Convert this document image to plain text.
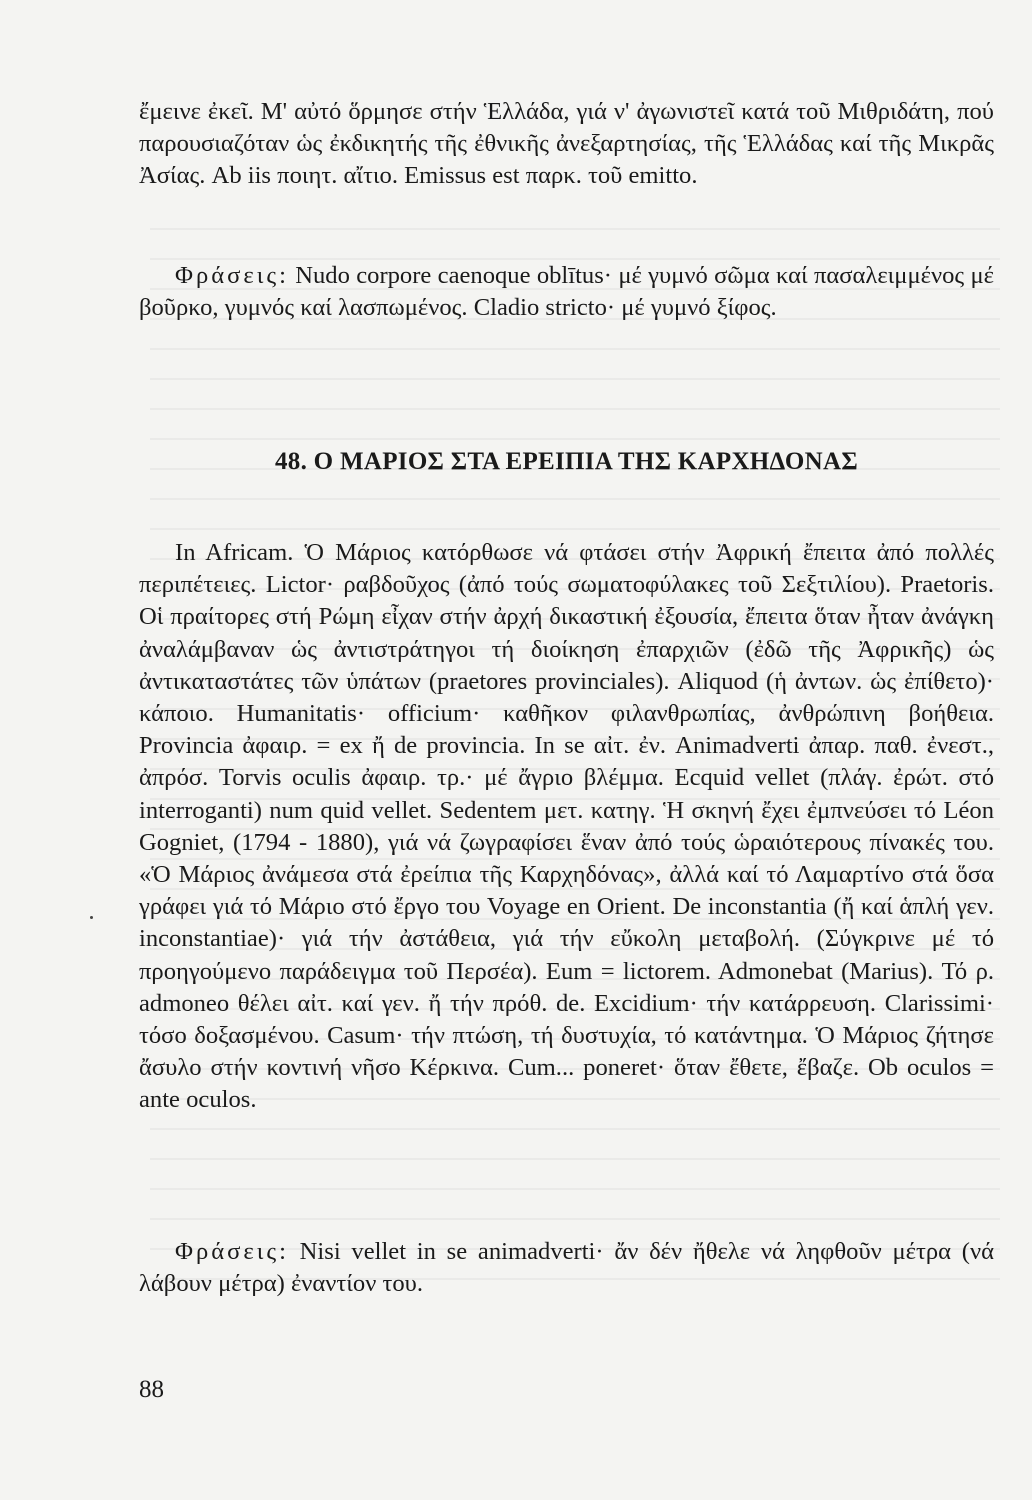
ἔμεινε ἐκεῖ. Μ' αὐτό ὅρμησε στήν Ἑλλάδα, γιά ν' ἀγωνιστεῖ κατά τοῦ Μιθριδάτη, πού παρουσιαζόταν ὡς ἐκδικητής τῆς ἐθνικῆς ἀνεξαρτησίας, τῆς Ἑλλάδας καί τῆς Μικρᾶς Ἀσίας. Ab iis ποιητ. αἴτιο. Emissus est παρκ. τοῦ emitto.

Φράσεις: Nudo corpore caenoque oblītus· μέ γυμνό σῶμα καί πασαλειμμένος μέ βοῦρκο, γυμνός καί λασπωμένος. Cladio stricto· μέ γυμνό ξίφος.

48. Ο ΜΑΡΙΟΣ ΣΤΑ ΕΡΕΙΠΙΑ ΤΗΣ ΚΑΡΧΗΔΟΝΑΣ

In Africam. Ὁ Μάριος κατόρθωσε νά φτάσει στήν Ἀφρική ἔπειτα ἀπό πολλές περιπέτειες. Lictor· ραβδοῦχος (ἀπό τούς σωματοφύλακες τοῦ Σεξτιλίου). Praetoris. Οἱ πραίτορες στή Ρώμη εἶχαν στήν ἀρχή δικαστική ἐξουσία, ἔπειτα ὅταν ἦταν ἀνάγκη ἀναλάμβαναν ὡς ἀντιστράτηγοι τή διοίκηση ἐπαρχιῶν (ἐδῶ τῆς Ἀφρικῆς) ὡς ἀντικαταστάτες τῶν ὑπάτων (praetores provinciales). Aliquod (ἡ ἀντων. ὡς ἐπίθετο)· κάποιο. Humanitatis· officium· καθῆκον φιλανθρωπίας, ἀνθρώπινη βοήθεια. Provincia ἀφαιρ. = ex ἤ de provincia. In se αἰτ. ἐν. Animadverti ἀπαρ. παθ. ἐνεστ., ἀπρόσ. Torvis oculis ἀφαιρ. τρ.· μέ ἄγριο βλέμμα. Ecquid vellet (πλάγ. ἐρώτ. στό interroganti) num quid vellet. Sedentem μετ. κατηγ. Ἡ σκηνή ἔχει ἐμπνεύσει τό Léon Gogniet, (1794 - 1880), γιά νά ζωγραφίσει ἕναν ἀπό τούς ὡραιότερους πίνακές του. «Ὁ Μάριος ἀνάμεσα στά ἐρείπια τῆς Καρχηδόνας», ἀλλά καί τό Λαμαρτίνο στά ὅσα γράφει γιά τό Μάριο στό ἔργο του Voyage en Orient. De inconstantia (ἤ καί ἁπλή γεν. inconstantiae)· γιά τήν ἀστάθεια, γιά τήν εὔκολη μεταβολή. (Σύγκρινε μέ τό προηγούμενο παράδειγμα τοῦ Περσέα). Eum = lictorem. Admonebat (Marius). Τό ρ. admoneo θέλει αἰτ. καί γεν. ἤ τήν πρόθ. de. Excidium· τήν κατάρρευση. Clarissimi· τόσο δοξασμένου. Casum· τήν πτώση, τή δυστυχία, τό κατάντημα. Ὁ Μάριος ζήτησε ἄσυλο στήν κοντινή νῆσο Κέρκινα. Cum... poneret· ὅταν ἔθετε, ἔβαζε. Ob oculos = ante oculos.

Φράσεις: Nisi vellet in se animadverti· ἄν δέν ἤθελε νά ληφθοῦν μέτρα (νά λάβουν μέτρα) ἐναντίον του.

88
